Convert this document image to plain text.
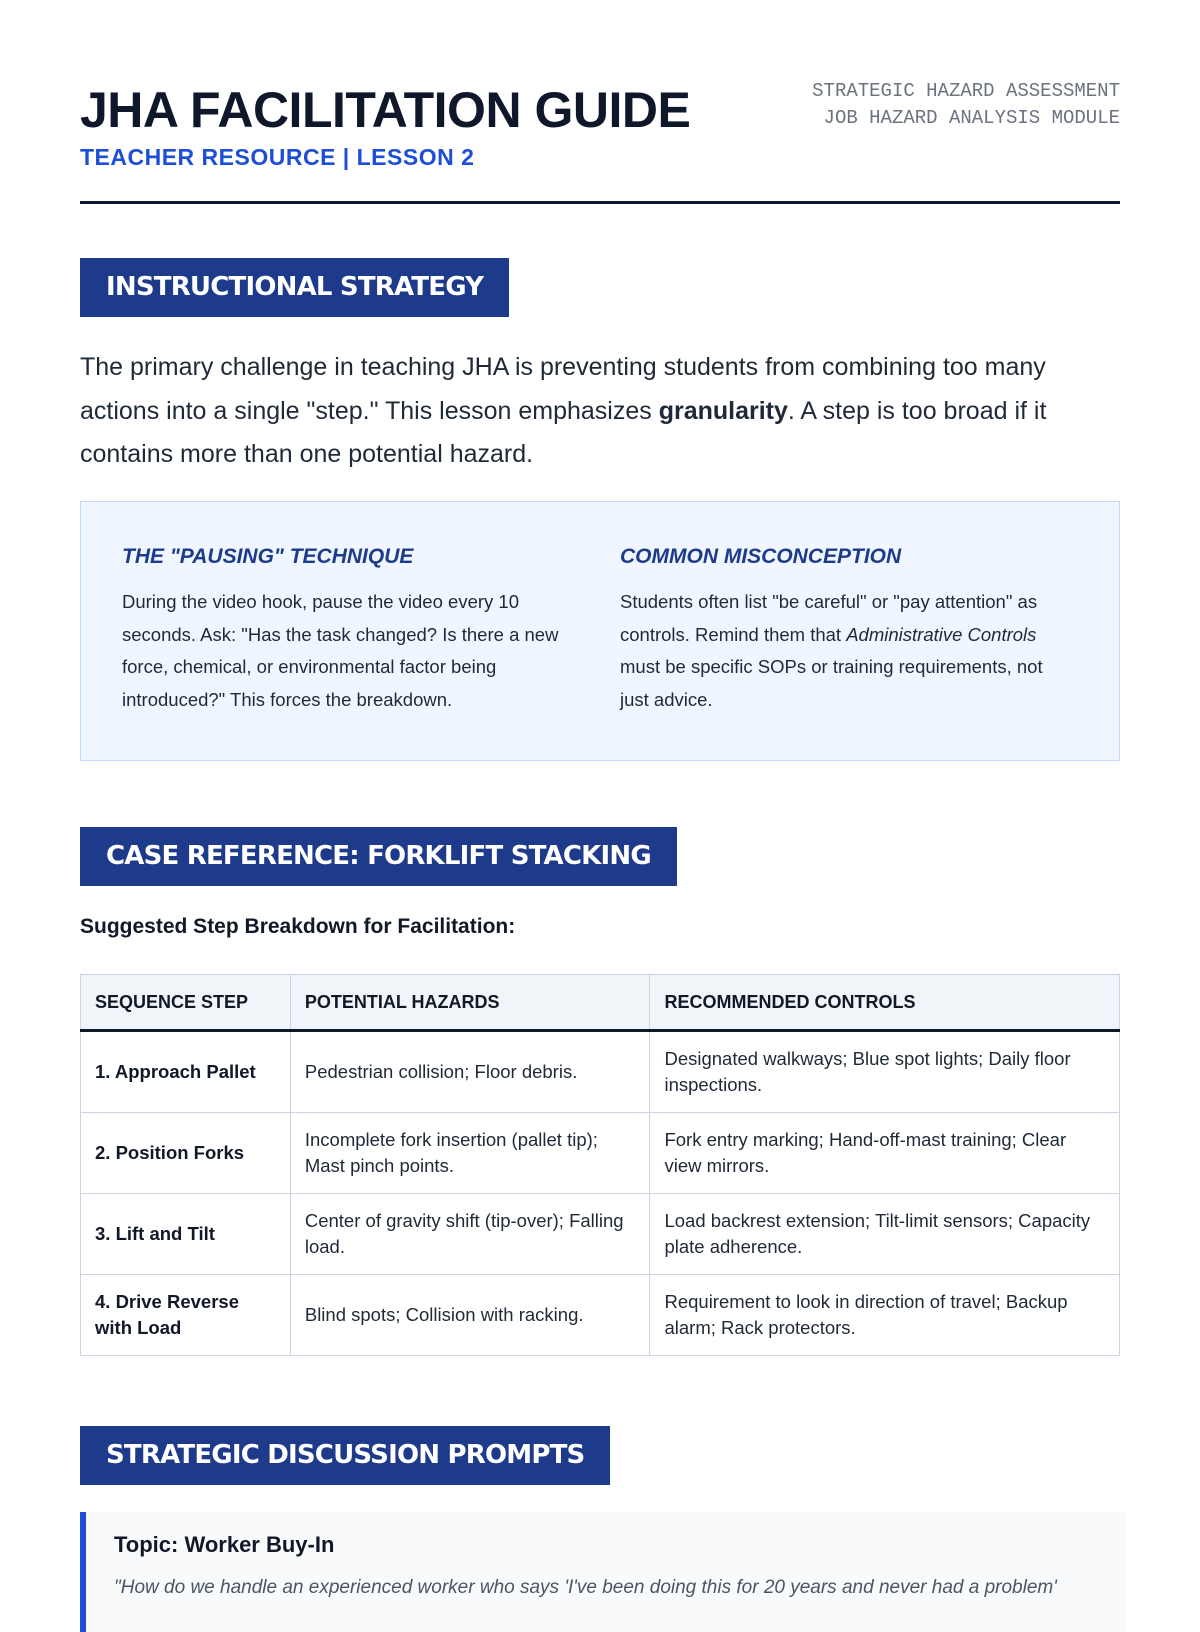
JHA FACILITATION GUIDE
TEACHER RESOURCE | LESSON 2
STRATEGIC HAZARD ASSESSMENT
JOB HAZARD ANALYSIS MODULE
INSTRUCTIONAL STRATEGY

The primary challenge in teaching JHA is preventing students from combining too many actions into a single "step." This lesson emphasizes granularity. A step is too broad if it contains more than one potential hazard.

THE "PAUSING" TECHNIQUE

During the video hook, pause the video every 10 seconds. Ask: "Has the task changed? Is there a new force, chemical, or environmental factor being introduced?" This forces the breakdown.

COMMON MISCONCEPTION

Students often list "be careful" or "pay attention" as controls. Remind them that Administrative Controls must be specific SOPs or training requirements, not just advice.

CASE REFERENCE: FORKLIFT STACKING
Suggested Step Breakdown for Facilitation:
SEQUENCE STEP	POTENTIAL HAZARDS	RECOMMENDED CONTROLS
1. Approach Pallet	Pedestrian collision; Floor debris.	Designated walkways; Blue spot lights; Daily floor inspections.
2. Position Forks	Incomplete fork insertion (pallet tip); Mast pinch points.	Fork entry marking; Hand-off-mast training; Clear view mirrors.
3. Lift and Tilt	Center of gravity shift (tip-over); Falling load.	Load backrest extension; Tilt-limit sensors; Capacity plate adherence.
4. Drive Reverse with Load	Blind spots; Collision with racking.	Requirement to look in direction of travel; Backup alarm; Rack protectors.
STRATEGIC DISCUSSION PROMPTS
Topic: Worker Buy-In
"How do we handle an experienced worker who says 'I've been doing this for 20 years and never had a problem'
